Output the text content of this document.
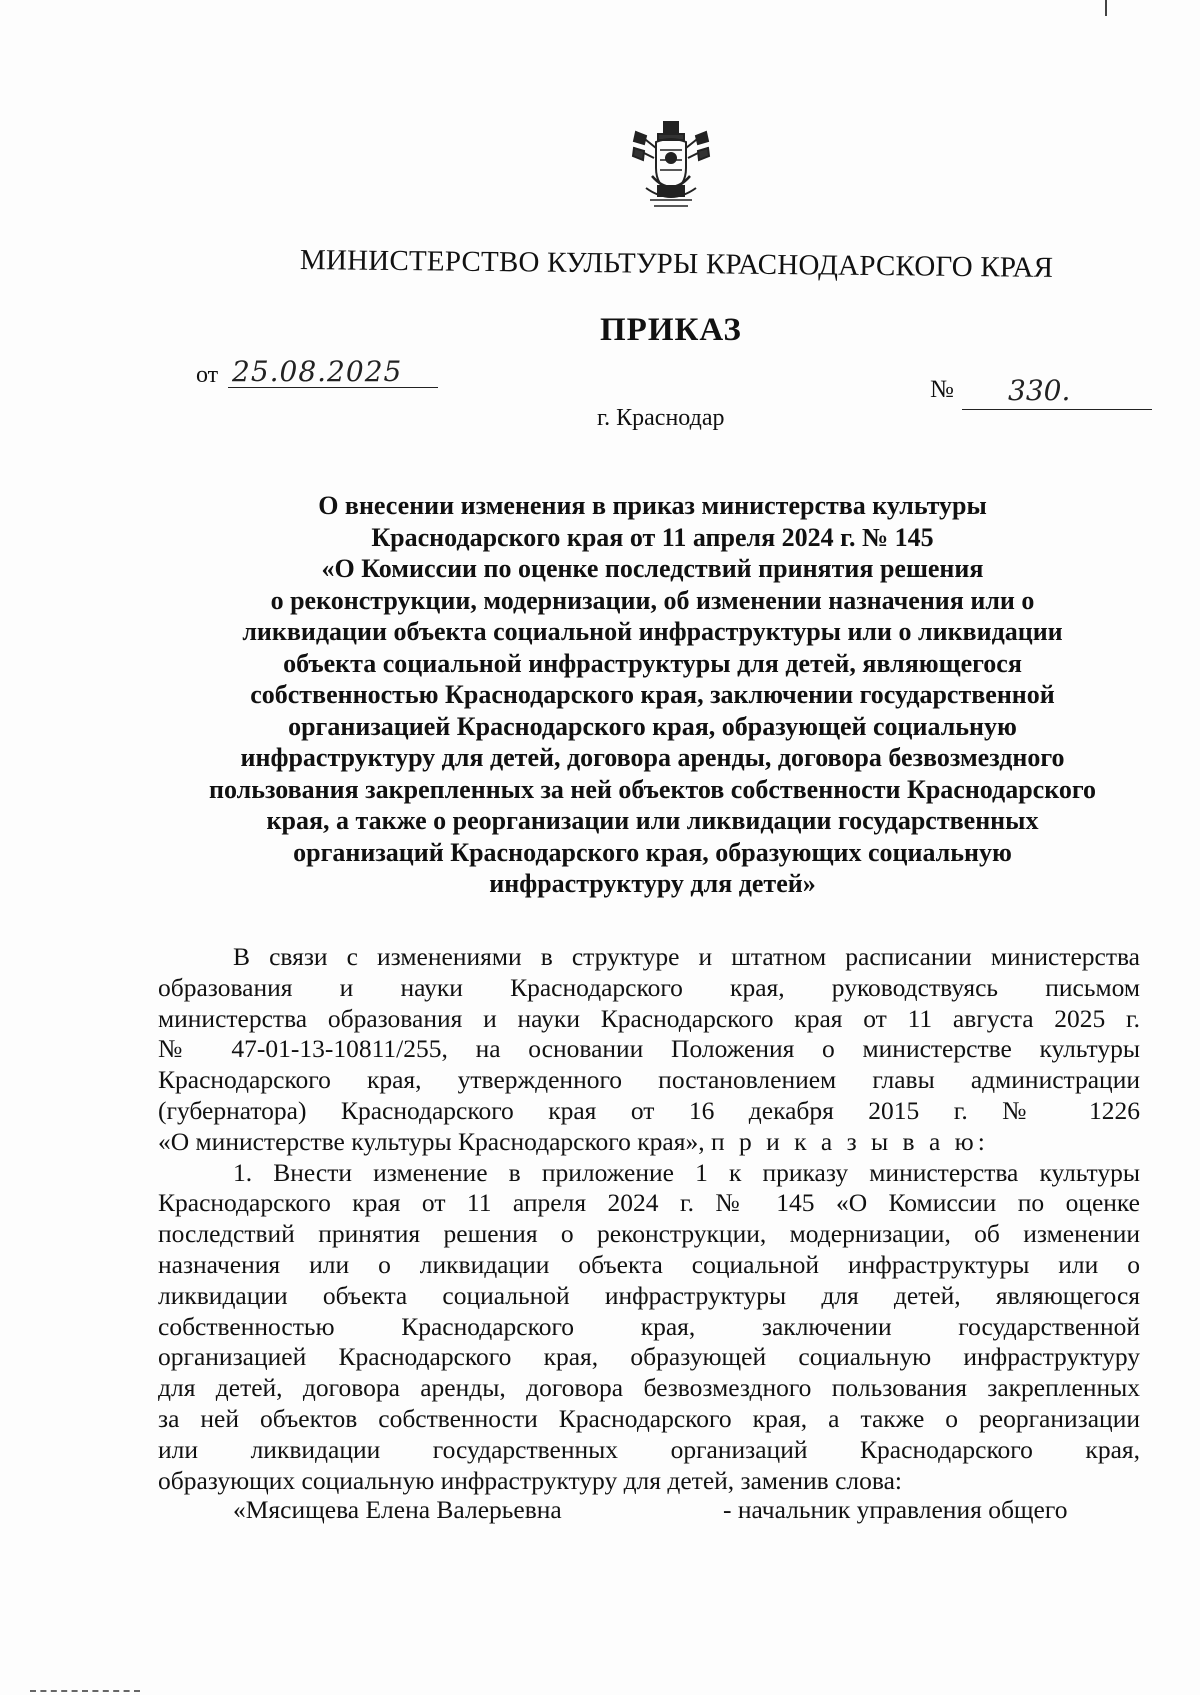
МИНИСТЕРСТВО КУЛЬТУРЫ КРАСНОДАРСКОГО КРАЯ
ПРИКАЗ
от 25.08.2025
№ 330.
г. Краснодар
О внесении изменения в приказ министерства культуры
Краснодарского края от 11 апреля 2024 г. № 145
«О Комиссии по оценке последствий принятия решения
о реконструкции, модернизации, об изменении назначения или о
ликвидации объекта социальной инфраструктуры или о ликвидации
объекта социальной инфраструктуры для детей, являющегося
собственностью Краснодарского края, заключении государственной
организацией Краснодарского края, образующей социальную
инфраструктуру для детей, договора аренды, договора безвозмездного
пользования закрепленных за ней объектов собственности Краснодарского
края, а также о реорганизации или ликвидации государственных
организаций Краснодарского края, образующих социальную
инфраструктуру для детей»
В связи с изменениями в структуре и штатном расписании министерства
образования и науки Краснодарского края, руководствуясь письмом
министерства образования и науки Краснодарского края от 11 августа 2025 г.
№ 47-01-13-10811/255, на основании Положения о министерстве культуры
Краснодарского края, утвержденного постановлением главы администрации
(губернатора) Краснодарского края от 16 декабря 2015 г. № 1226
«О министерстве культуры Краснодарского края», п р и к а з ы в а ю:
1. Внести изменение в приложение 1 к приказу министерства культуры
Краснодарского края от 11 апреля 2024 г. № 145 «О Комиссии по оценке
последствий принятия решения о реконструкции, модернизации, об изменении
назначения или о ликвидации объекта социальной инфраструктуры или о
ликвидации объекта социальной инфраструктуры для детей, являющегося
собственностью Краснодарского края, заключении государственной
организацией Краснодарского края, образующей социальную инфраструктуру
для детей, договора аренды, договора безвозмездного пользования закрепленных
за ней объектов собственности Краснодарского края, а также о реорганизации
или ликвидации государственных организаций Краснодарского края,
образующих социальную инфраструктуру для детей, заменив слова:
«Мясищева Елена Валерьевна	- начальник управления общего
